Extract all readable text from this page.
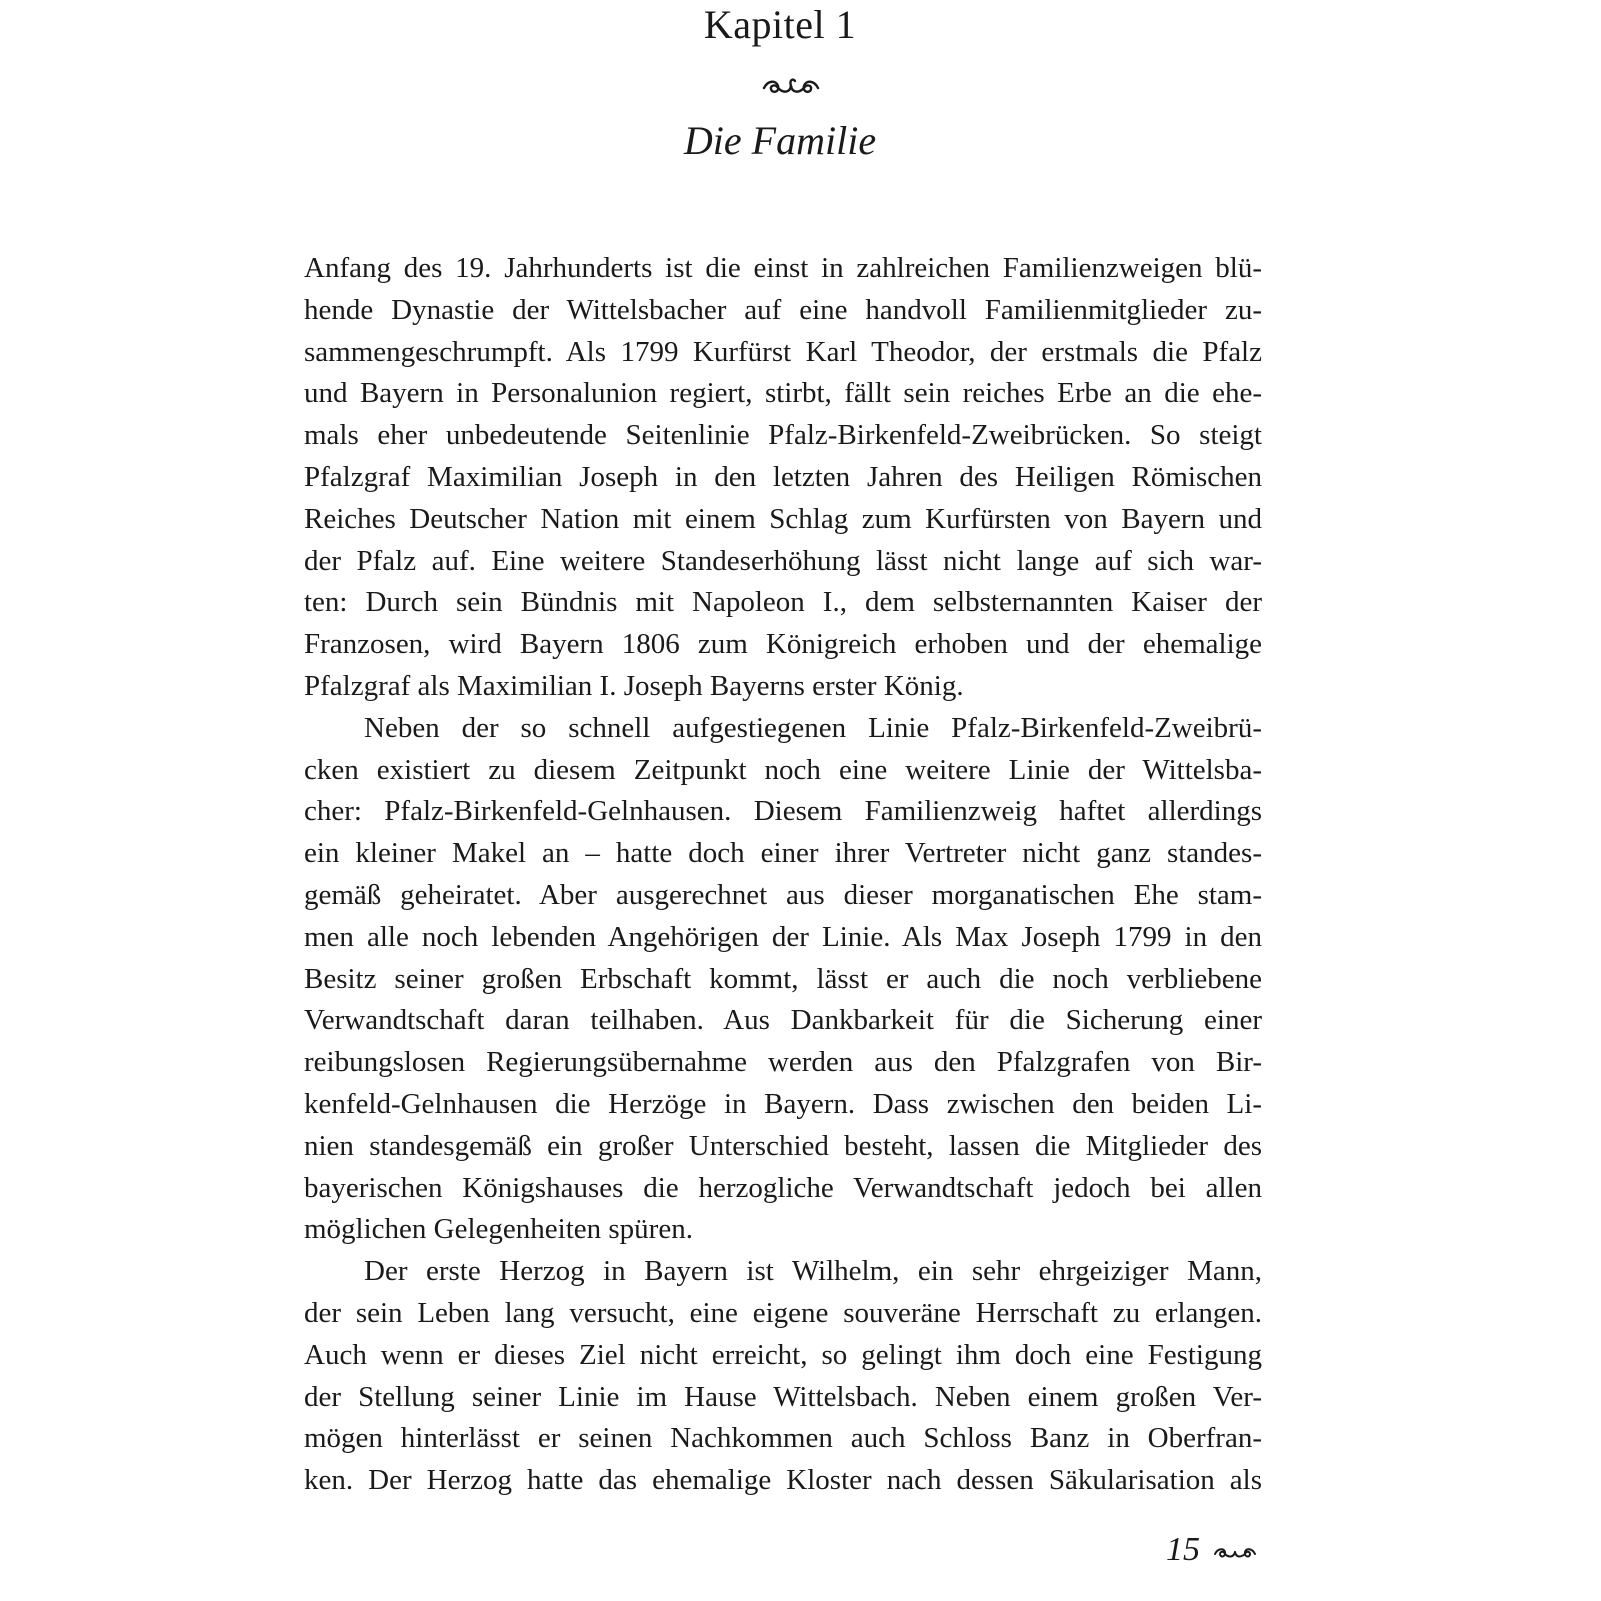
Kapitel 1
Die Familie
Anfang des 19. Jahrhunderts ist die einst in zahlreichen Familienzweigen blü-
hende Dynastie der Wittelsbacher auf eine handvoll Familienmitglieder zu-
sammengeschrumpft. Als 1799 Kurfürst Karl Theodor, der erstmals die Pfalz
und Bayern in Personalunion regiert, stirbt, fällt sein reiches Erbe an die ehe-
mals eher unbedeutende Seitenlinie Pfalz-Birkenfeld-Zweibrücken. So steigt
Pfalzgraf Maximilian Joseph in den letzten Jahren des Heiligen Römischen
Reiches Deutscher Nation mit einem Schlag zum Kurfürsten von Bayern und
der Pfalz auf. Eine weitere Standeserhöhung lässt nicht lange auf sich war-
ten: Durch sein Bündnis mit Napoleon I., dem selbsternannten Kaiser der
Franzosen, wird Bayern 1806 zum Königreich erhoben und der ehemalige
Pfalzgraf als Maximilian I. Joseph Bayerns erster König.
Neben der so schnell aufgestiegenen Linie Pfalz-Birkenfeld-Zweibrü-
cken existiert zu diesem Zeitpunkt noch eine weitere Linie der Wittelsba-
cher: Pfalz-Birkenfeld-Gelnhausen. Diesem Familienzweig haftet allerdings
ein kleiner Makel an – hatte doch einer ihrer Vertreter nicht ganz standes-
gemäß geheiratet. Aber ausgerechnet aus dieser morganatischen Ehe stam-
men alle noch lebenden Angehörigen der Linie. Als Max Joseph 1799 in den
Besitz seiner großen Erbschaft kommt, lässt er auch die noch verbliebene
Verwandtschaft daran teilhaben. Aus Dankbarkeit für die Sicherung einer
reibungslosen Regierungsübernahme werden aus den Pfalzgrafen von Bir-
kenfeld-Gelnhausen die Herzöge in Bayern. Dass zwischen den beiden Li-
nien standesgemäß ein großer Unterschied besteht, lassen die Mitglieder des
bayerischen Königshauses die herzogliche Verwandtschaft jedoch bei allen
möglichen Gelegenheiten spüren.
Der erste Herzog in Bayern ist Wilhelm, ein sehr ehrgeiziger Mann,
der sein Leben lang versucht, eine eigene souveräne Herrschaft zu erlangen.
Auch wenn er dieses Ziel nicht erreicht, so gelingt ihm doch eine Festigung
der Stellung seiner Linie im Hause Wittelsbach. Neben einem großen Ver-
mögen hinterlässt er seinen Nachkommen auch Schloss Banz in Oberfran-
ken. Der Herzog hatte das ehemalige Kloster nach dessen Säkularisation als
15
